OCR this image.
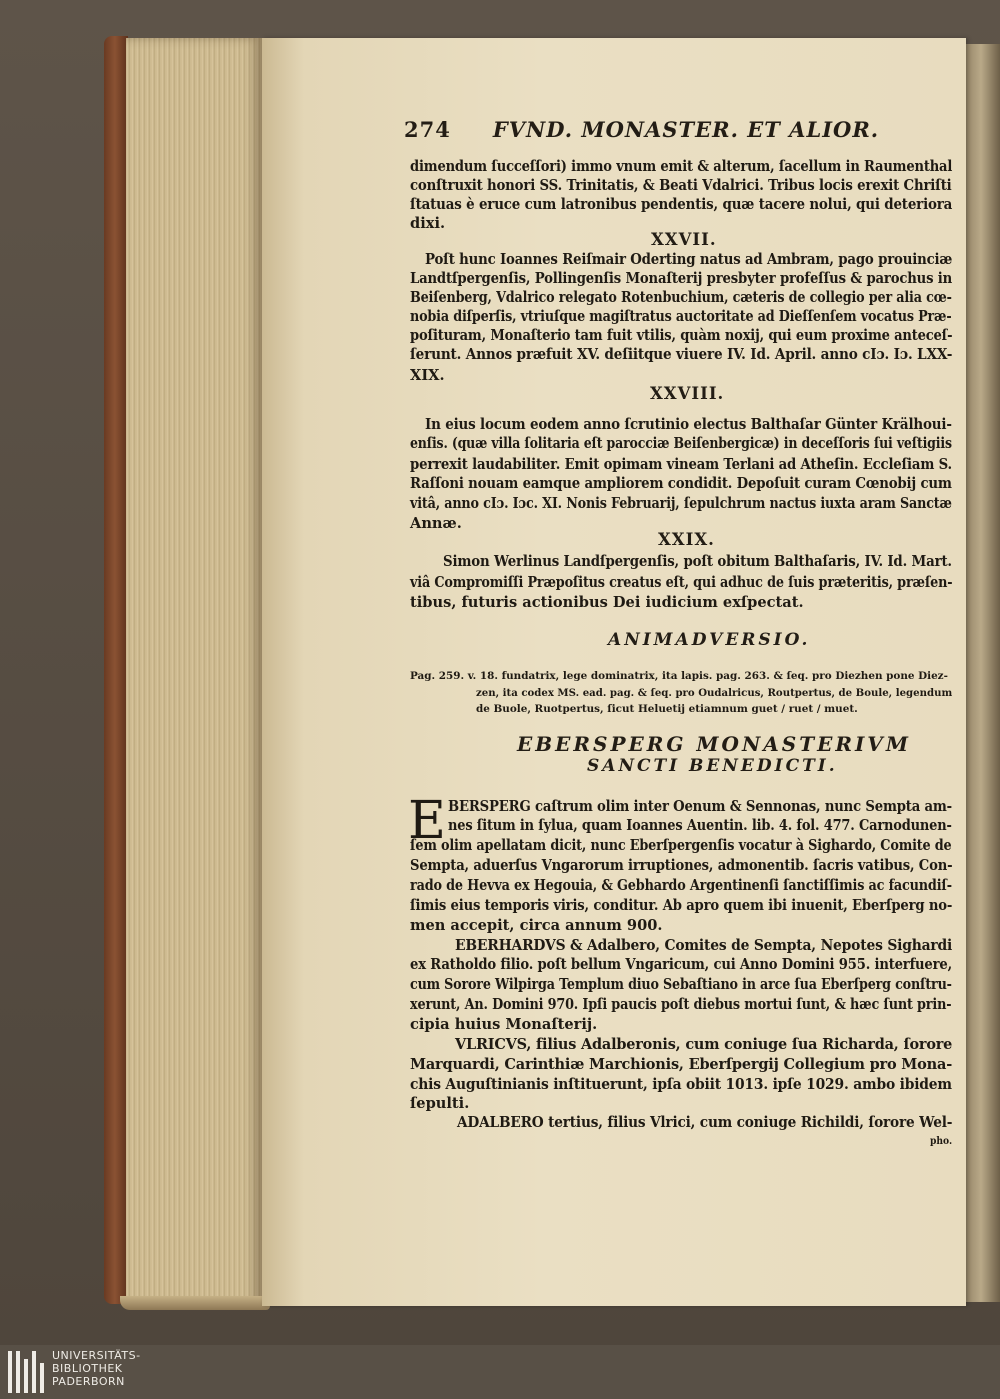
274 FVND. MONASTER. ET ALIOR.
dimendum ſucceſſori) immo vnum emit & alterum, ſacellum in Raumenthal
conſtruxit honori SS. Trinitatis, & Beati Vdalrici. Tribus locis erexit Chriſti
ſtatuas è eruce cum latronibus pendentis, quæ tacere nolui, qui deteriora
dixi.
XXVII.
Poſt hunc Ioannes Reiſmair Oderting natus ad Ambram, pago prouinciæ
Landtſpergenſis, Pollingenſis Monaſterij presbyter profeſſus & parochus in
Beiſenberg, Vdalrico relegato Rotenbuchium, cæteris de collegio per alia cœ-
nobia diſperſis, vtriuſque magiſtratus auctoritate ad Dieſſenſem vocatus Præ-
poſituram, Monaſterio tam fuit vtilis, quàm noxij, qui eum proxime anteceſ-
ſerunt. Annos præfuit XV. deſiitque viuere IV. Id. April. anno cIɔ. Iɔ. LXX-
XIX.
XXVIII.
In eius locum eodem anno ſcrutinio electus Balthaſar Günter Krälhoui-
enſis. (quæ villa ſolitaria eſt parocciæ Beiſenbergicæ) in deceſſoris ſui veſtigiis
perrexit laudabiliter. Emit opimam vineam Terlani ad Atheſin. Eccleſiam S.
Raſſoni nouam eamque ampliorem condidit. Depoſuit curam Cœnobij cum
vitâ, anno cIɔ. Iɔc. XI. Nonis Februarij, ſepulchrum nactus iuxta aram Sanctæ
Annæ.
XXIX.
Simon Werlinus Landſpergenſis, poſt obitum Balthaſaris, IV. Id. Mart.
viâ Compromiſſi Præpoſitus creatus eſt, qui adhuc de ſuis præteritis, præſen-
tibus, futuris actionibus Dei iudicium exſpectat.
ANIMADVERSIO.
Pag. 259. v. 18. fundatrix, lege dominatrix, ita lapis. pag. 263. & ſeq. pro Diezhen pone Diez-
zen, ita codex MS. ead. pag. & ſeq. pro Oudalricus, Routpertus, de Boule, legendum
de Buole, Ruotpertus, ſicut Heluetij etiamnum guet / ruet / muet.
EBERSPERG MONASTERIVM
SANCTI BENEDICTI.
E BERSPERG caſtrum olim inter Oenum & Sennonas, nunc Sempta am-
nes ſitum in ſylua, quam Ioannes Auentin. lib. 4. fol. 477. Carnodunen-
ſem olim apellatam dicit, nunc Eberſpergenſis vocatur à Sighardo, Comite de
Sempta, aduerſus Vngarorum irruptiones, admonentib. ſacris vatibus, Con-
rado de Hevva ex Hegouia, & Gebhardo Argentinenſi ſanctiſſimis ac facundiſ-
ſimis eius temporis viris, conditur. Ab apro quem ibi inuenit, Eberſperg no-
men accepit, circa annum 900.
EBERHARDVS & Adalbero, Comites de Sempta, Nepotes Sighardi
ex Ratholdo filio. poſt bellum Vngaricum, cui Anno Domini 955. interfuere,
cum Sorore Wilpirga Templum diuo Sebaſtiano in arce ſua Eberſperg conſtru-
xerunt, An. Domini 970. Ipſi paucis poſt diebus mortui ſunt, & hæc ſunt prin-
cipia huius Monaſterij.
VLRICVS, filius Adalberonis, cum coniuge ſua Richarda, ſorore
Marquardi, Carinthiæ Marchionis, Eberſpergij Collegium pro Mona-
chis Auguſtinianis inſtituerunt, ipſa obiit 1013. ipſe 1029. ambo ibidem
ſepulti.
ADALBERO tertius, filius Vlrici, cum coniuge Richildi, ſorore Wel-
pho.
UNIVERSITÄTS-
BIBLIOTHEK
PADERBORN
